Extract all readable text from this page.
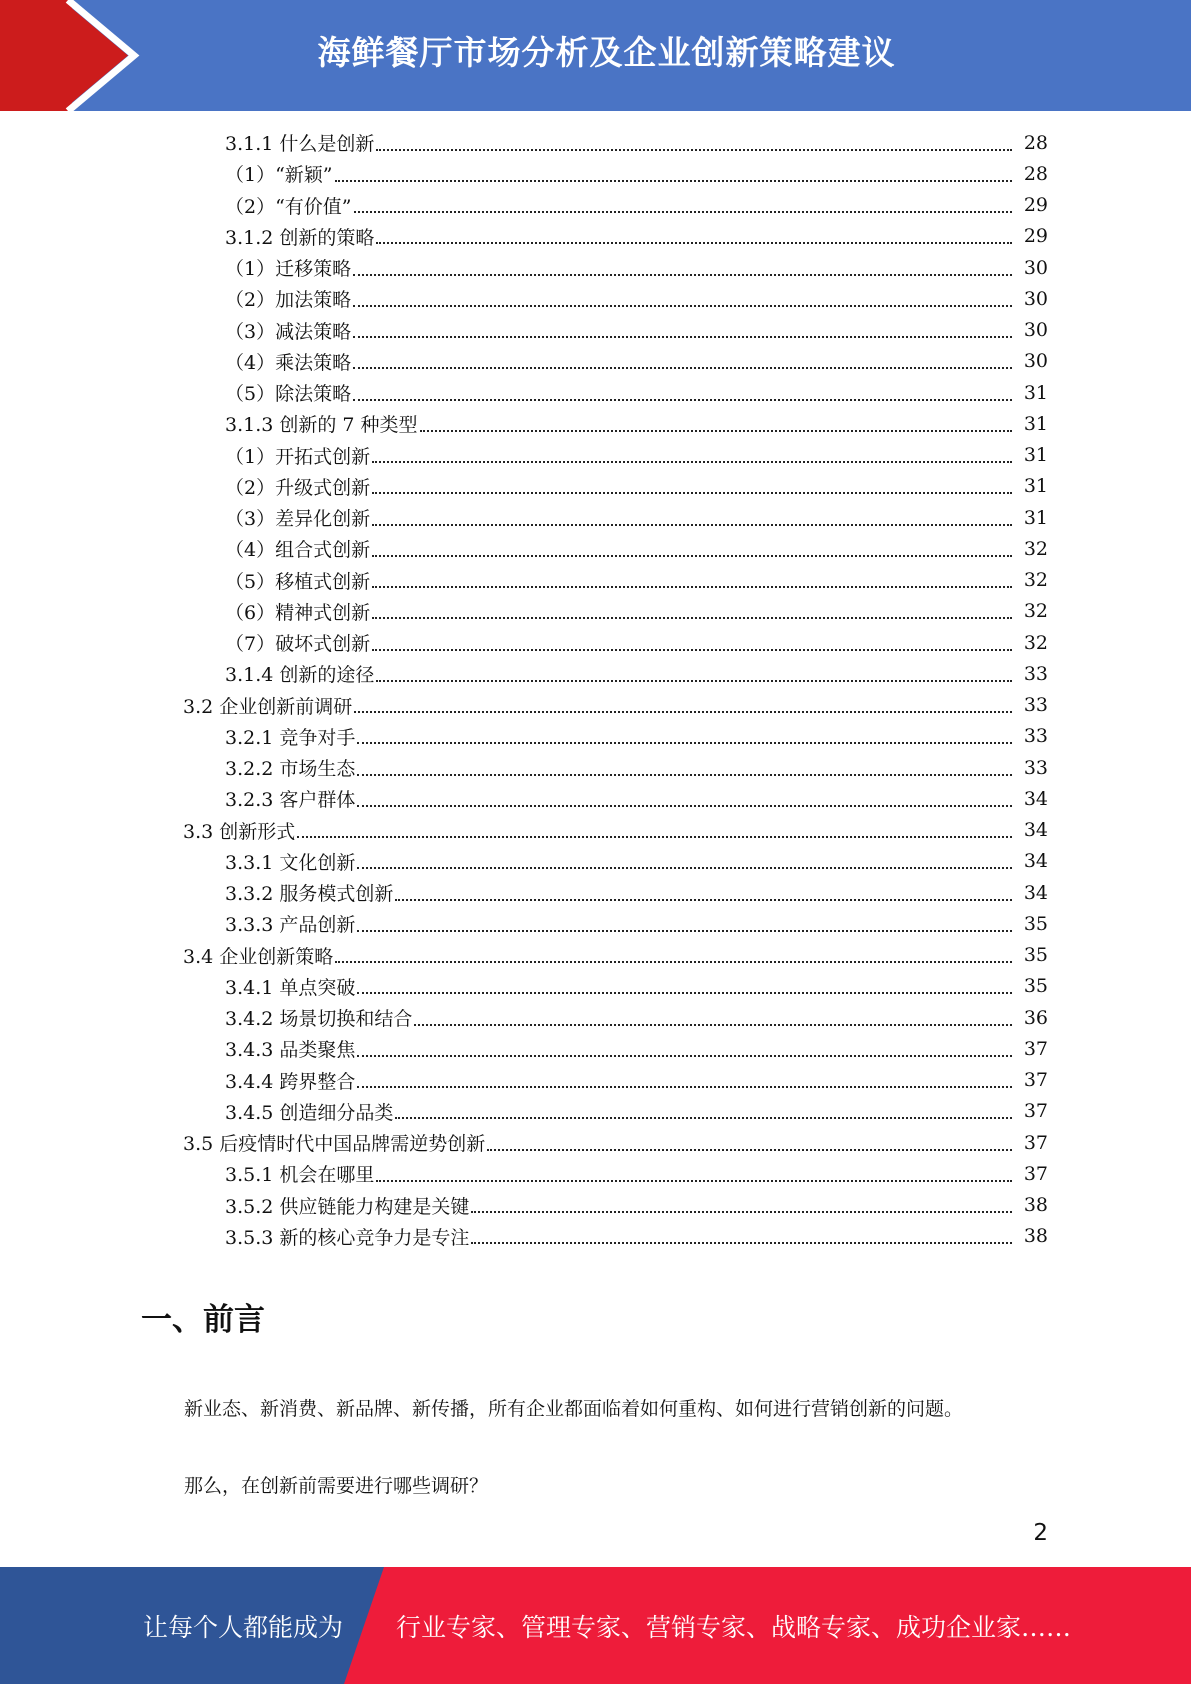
海鲜餐厅市场分析及企业创新策略建议
3.1.1 什么是创新	28
（1）“新颖”	28
（2）“有价值”	29
3.1.2 创新的策略	29
（1）迁移策略	30
（2）加法策略	30
（3）减法策略	30
（4）乘法策略	30
（5）除法策略	31
3.1.3 创新的 7 种类型	31
（1）开拓式创新	31
（2）升级式创新	31
（3）差异化创新	31
（4）组合式创新	32
（5）移植式创新	32
（6）精神式创新	32
（7）破坏式创新	32
3.1.4 创新的途径	33
3.2 企业创新前调研	33
3.2.1 竞争对手	33
3.2.2 市场生态	33
3.2.3 客户群体	34
3.3 创新形式	34
3.3.1 文化创新	34
3.3.2 服务模式创新	34
3.3.3 产品创新	35
3.4 企业创新策略	35
3.4.1 单点突破	35
3.4.2 场景切换和结合	36
3.4.3 品类聚焦	37
3.4.4 跨界整合	37
3.4.5 创造细分品类	37
3.5 后疫情时代中国品牌需逆势创新	37
3.5.1 机会在哪里	37
3.5.2 供应链能力构建是关键	38
3.5.3 新的核心竞争力是专注	38
一、前言
新业态、新消费、新品牌、新传播，所有企业都面临着如何重构、如何进行营销创新的问题。
那么，在创新前需要进行哪些调研？
2
让每个人都能成为 行业专家、管理专家、营销专家、战略专家、成功企业家……
